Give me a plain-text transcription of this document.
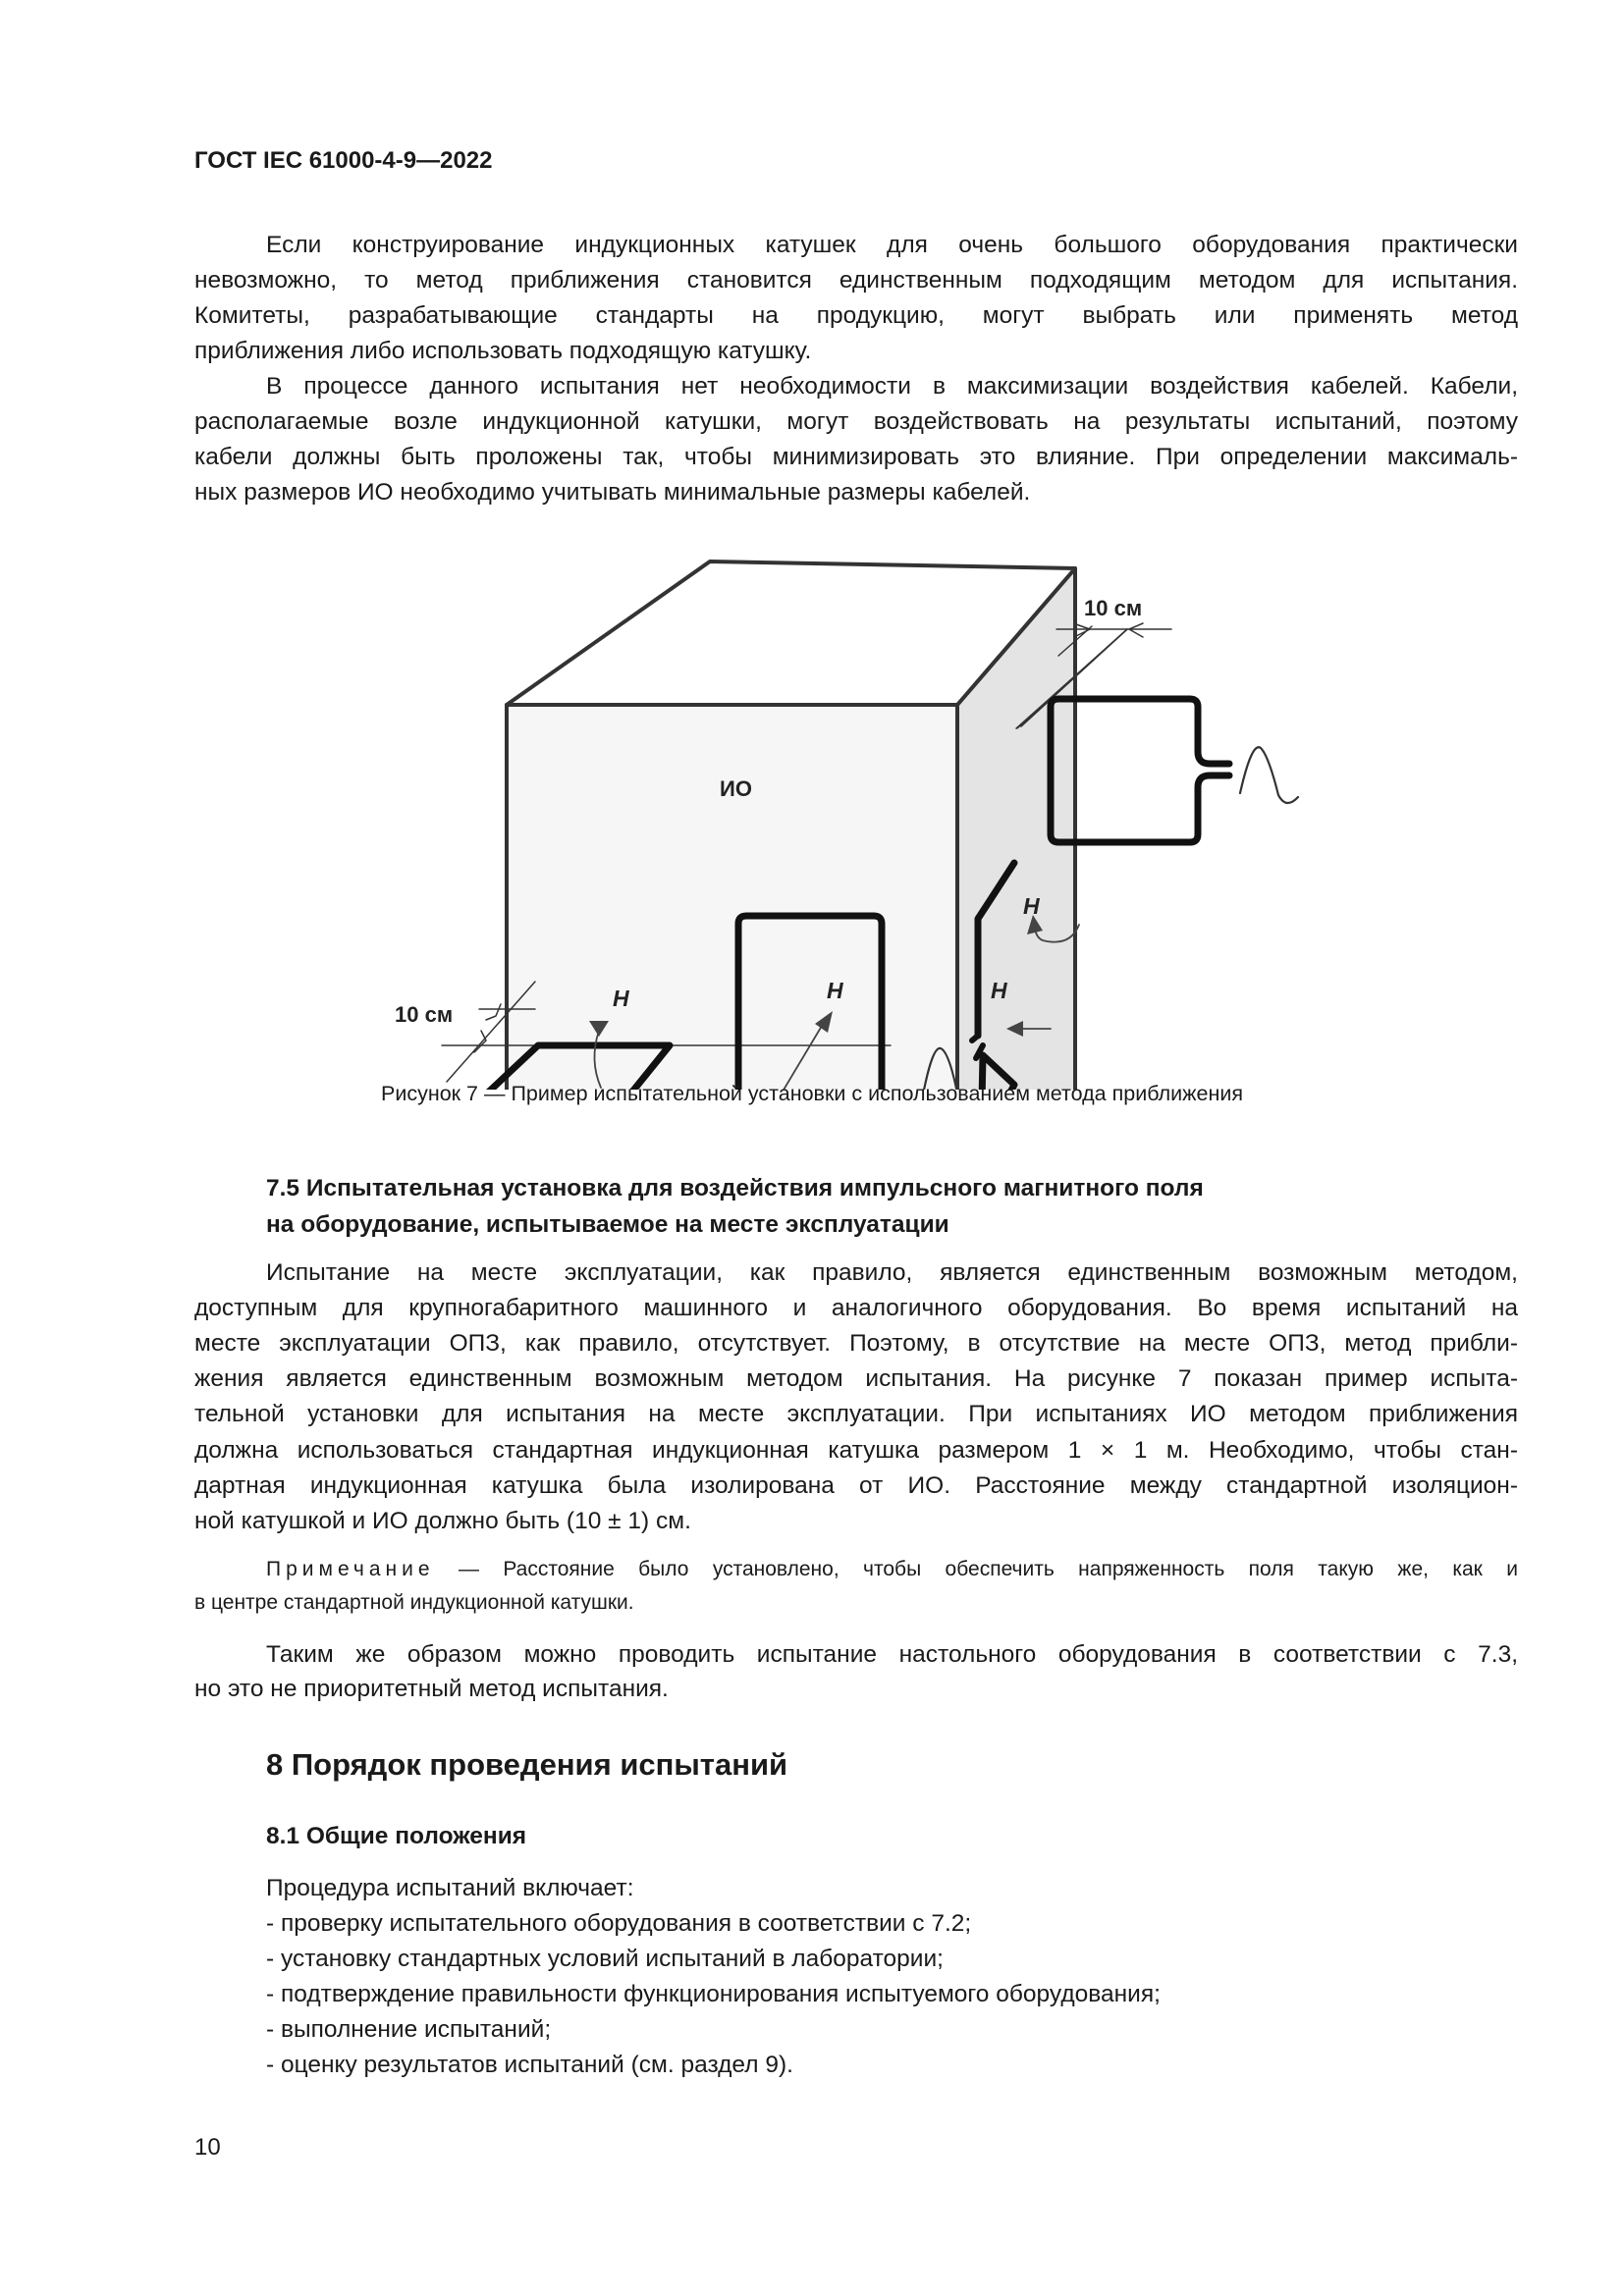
ГОСТ IEC 61000-4-9—2022
Если конструирование индукционных катушек для очень большого оборудования практически
невозможно, то метод приближения становится единственным подходящим методом для испытания.
Комитеты, разрабатывающие стандарты на продукцию, могут выбрать или применять метод
приближения либо использовать подходящую катушку.
В процессе данного испытания нет необходимости в максимизации воздействия кабелей. Кабели,
располагаемые возле индукционной катушки, могут воздействовать на результаты испытаний, поэтому
кабели должны быть проложены так, чтобы минимизировать это влияние. При определении максималь-
ных размеров ИО необходимо учитывать минимальные размеры кабелей.
7.5 Испытательная установка для воздействия импульсного магнитного поля
на оборудование, испытываемое на месте эксплуатации
Испытание на месте эксплуатации, как правило, является единственным возможным методом,
доступным для крупногабаритного машинного и аналогичного оборудования. Во время испытаний на
месте эксплуатации ОПЗ, как правило, отсутствует. Поэтому, в отсутствие на месте ОПЗ, метод прибли-
жения является единственным возможным методом испытания. На рисунке 7 показан пример испыта-
тельной установки для испытания на месте эксплуатации. При испытаниях ИО методом приближения
должна использоваться стандартная индукционная катушка размером 1 × 1 м. Необходимо, чтобы стан-
дартная индукционная катушка была изолирована от ИО. Расстояние между стандартной изоляцион-
ной катушкой и ИО должно быть (10 ± 1) см.
Таким же образом можно проводить испытание настольного оборудования в соответствии с 7.3,
но это не приоритетный метод испытания.
- проверку испытательного оборудования в соответствии с 7.2;
- установку стандартных условий испытаний в лаборатории;
- подтверждение правильности функционирования испытуемого оборудования;
- выполнение испытаний;
- оценку результатов испытаний (см. раздел 9).
Примечание — Расстояние было установлено, чтобы обеспечить напряженность поля такую же, как и
в центре стандартной индукционной катушки.
8.1 Общие положения
Процедура испытаний включает:
ИО
10 см
10 см
H	H
H
H
Рисунок 7 — Пример испытательной установки с использованием метода приближения
8 Порядок проведения испытаний
10
